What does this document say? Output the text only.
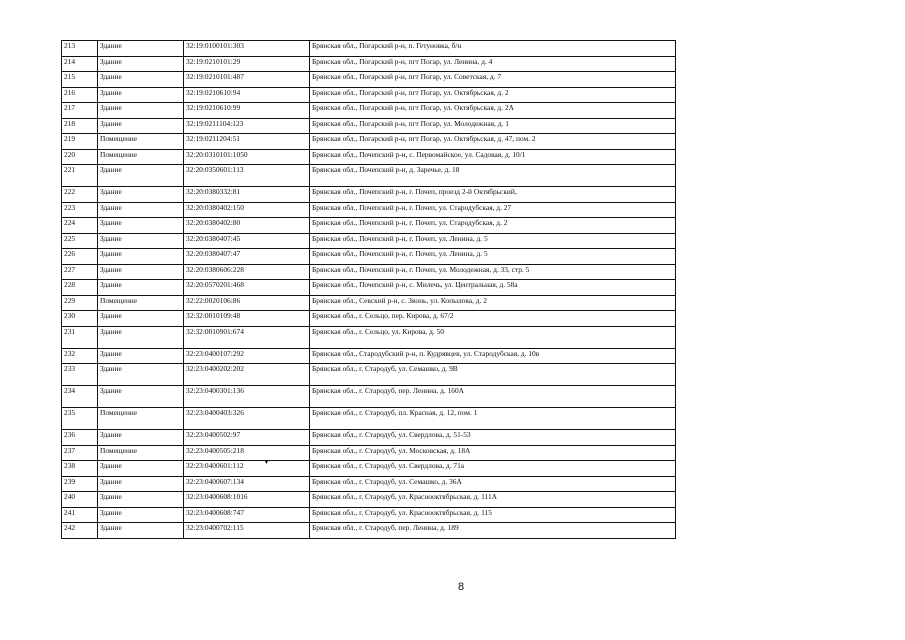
213	Здание	32:19:0100101:303	Брянская обл., Погарский р-н, п. Гетуновка, б/н
214	Здание	32:19:0210101:29	Брянская обл., Погарский р-н, пгт Погар, ул. Ленина, д. 4
215	Здание	32:19:0210101:487	Брянская обл., Погарский р-н, пгт Погар, ул. Советская, д. 7
216	Здание	32:19:0210610:94	Брянская обл., Погарский р-н, пгт Погар, ул. Октябрьская, д. 2
217	Здание	32:19:0210610:99	Брянская обл., Погарский р-н, пгт Погар, ул. Октябрьская, д. 2А
218	Здание	32:19:0211104:123	Брянская обл., Погарский р-н, пгт Погар, ул. Молодежная, д. 1
219	Помещение	32:19:0211204:51	Брянская обл., Погарский р-н, пгт Погар, ул. Октябрьская, д. 47, пом. 2
220	Помещение	32:20:0310101:1050	Брянская обл., Почепский р-н, с. Первомайское, ул. Садовая, д. 10/1
221	Здание	32:20:0350601:113	Брянская обл., Почепский р-н, д. Заречье, д. 18
222	Здание	32:20:0380332:81	Брянская обл., Почепский р-н, г. Почеп, проезд 2-й Октябрьский,
223	Здание	32:20:0380402:150	Брянская обл., Почепский р-н, г. Почеп, ул. Стародубская, д. 27
224	Здание	32:20:0380402:80	Брянская обл., Почепский р-н, г. Почеп, ул. Стародубская, д. 2
225	Здание	32:20:0380407:45	Брянская обл., Почепский р-н, г. Почеп, ул. Ленина, д. 5
226	Здание	32:20:0380407:47	Брянская обл., Почепский р-н, г. Почеп, ул. Ленина, д. 5
227	Здание	32:20:0380606:228	Брянская обл., Почепский р-н, г. Почеп, ул. Молодежная, д. 33, стр. 5
228	Здание	32:20:0570201:468	Брянская обл., Почепский р-н, с. Милечь, ул. Центральная, д. 58а
229	Помещение	32:22:0020106:86	Брянская обл., Севский р-н, с. Звонь, ул. Копылова, д. 2
230	Здание	32:32:0010109:48	Брянская обл., г. Сельцо, пер. Кирова, д. 67/2
231	Здание	32:32:0010901:674	Брянская обл., г. Сельцо, ул. Кирова, д. 50
232	Здание	32:23:0400107:292	Брянская обл., Стародубский р-н, п. Кудрявцев, ул. Стародубская, д. 10в
233	Здание	32:23:0400202:202	Брянская обл., г. Стародуб, ул. Семашко, д. 9В
234	Здание	32:23:0400301:136	Брянская обл., г. Стародуб, пер. Ленина, д. 160А
235	Помещение	32:23:0400403:326	Брянская обл., г. Стародуб, пл. Красная, д. 12, пом. 1
236	Здание	32:23:0400502:97	Брянская обл., г. Стародуб, ул. Свердлова, д. 51-53
237	Помещение	32:23:0400505:218	Брянская обл., г. Стародуб, ул. Московская, д. 18А
238	Здание	32:23:0400601:112	Брянская обл., г. Стародуб, ул. Свердлова, д. 71а
239	Здание	32:23:0400607:134	Брянская обл., г. Стародуб, ул. Семашко, д. 36А
240	Здание	32:23:0400608:1016	Брянская обл., г. Стародуб, ул. Краснооктябрьская, д. 111А
241	Здание	32:23:0400608:747	Брянская обл., г. Стародуб, ул. Краснооктябрьская, д. 115
242	Здание	32:23:0400702:115	Брянская обл., г. Стародуб, пер. Ленина, д. 189
▾
8
